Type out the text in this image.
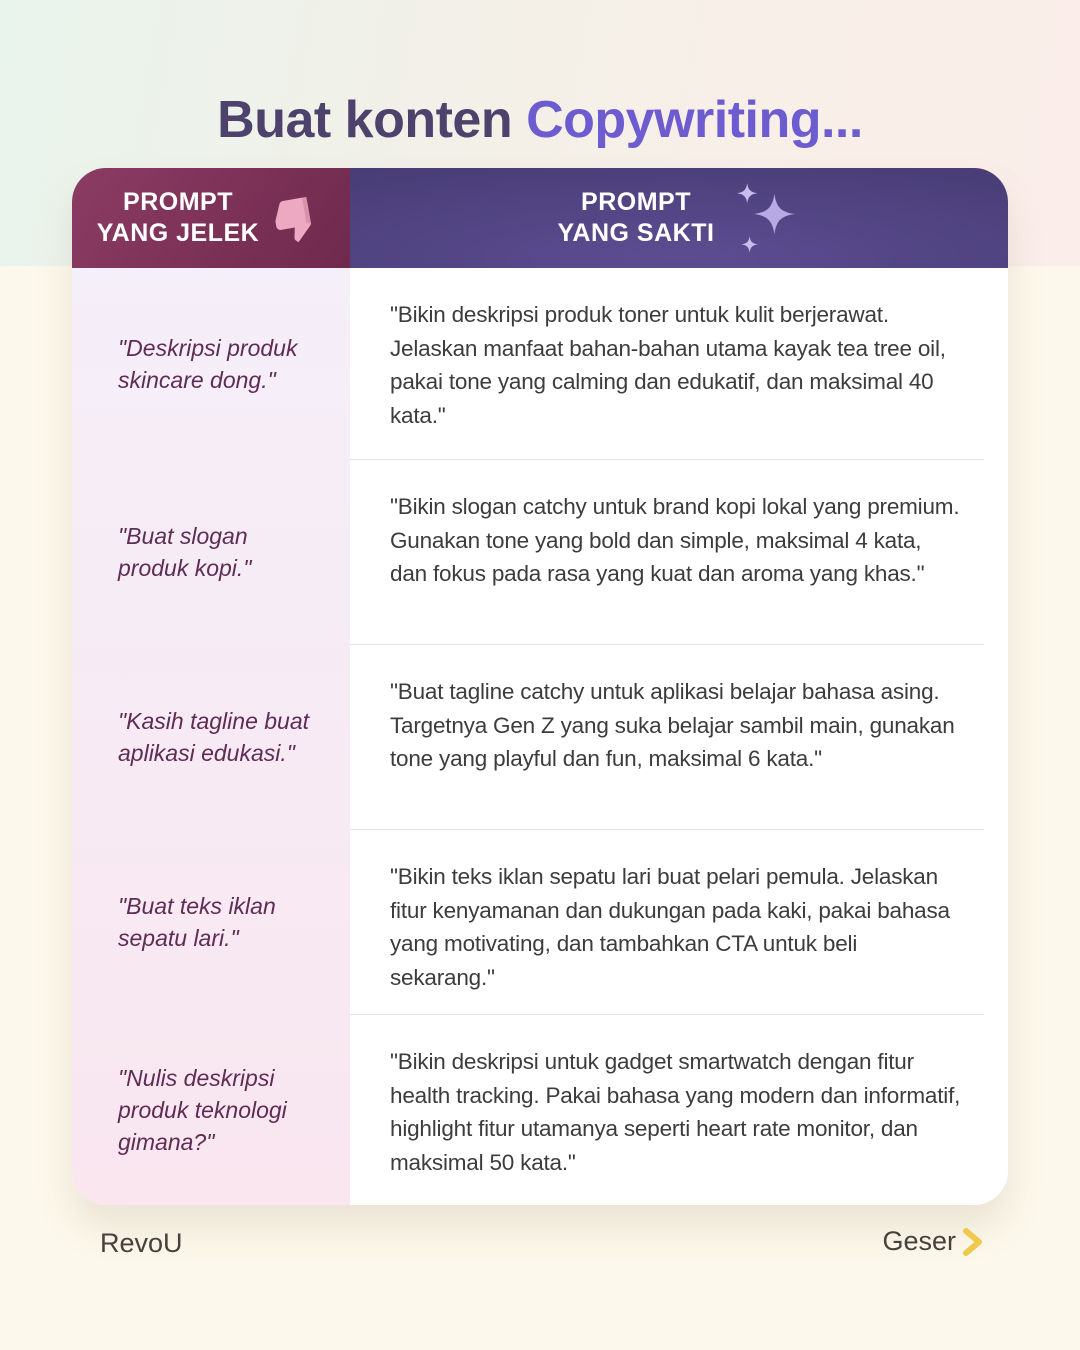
Buat konten Copywriting...
PROMPT
YANG JELEK
PROMPT
YANG SAKTI
"Deskripsi produk skincare dong."
"Bikin deskripsi produk toner untuk kulit berjerawat. Jelaskan manfaat bahan-bahan utama kayak tea tree oil, pakai tone yang calming dan edukatif, dan maksimal 40 kata."
"Buat slogan produk kopi."
"Bikin slogan catchy untuk brand kopi lokal yang premium. Gunakan tone yang bold dan simple, maksimal 4 kata, dan fokus pada rasa yang kuat dan aroma yang khas."
"Kasih tagline buat aplikasi edukasi."
"Buat tagline catchy untuk aplikasi belajar bahasa asing. Targetnya Gen Z yang suka belajar sambil main, gunakan tone yang playful dan fun, maksimal 6 kata."
"Buat teks iklan sepatu lari."
"Bikin teks iklan sepatu lari buat pelari pemula. Jelaskan fitur kenyamanan dan dukungan pada kaki, pakai bahasa yang motivating, dan tambahkan CTA untuk beli sekarang."
"Nulis deskripsi produk teknologi gimana?"
"Bikin deskripsi untuk gadget smartwatch dengan fitur health tracking. Pakai bahasa yang modern dan informatif, highlight fitur utamanya seperti heart rate monitor, dan maksimal 50 kata."
RevoU	Geser
